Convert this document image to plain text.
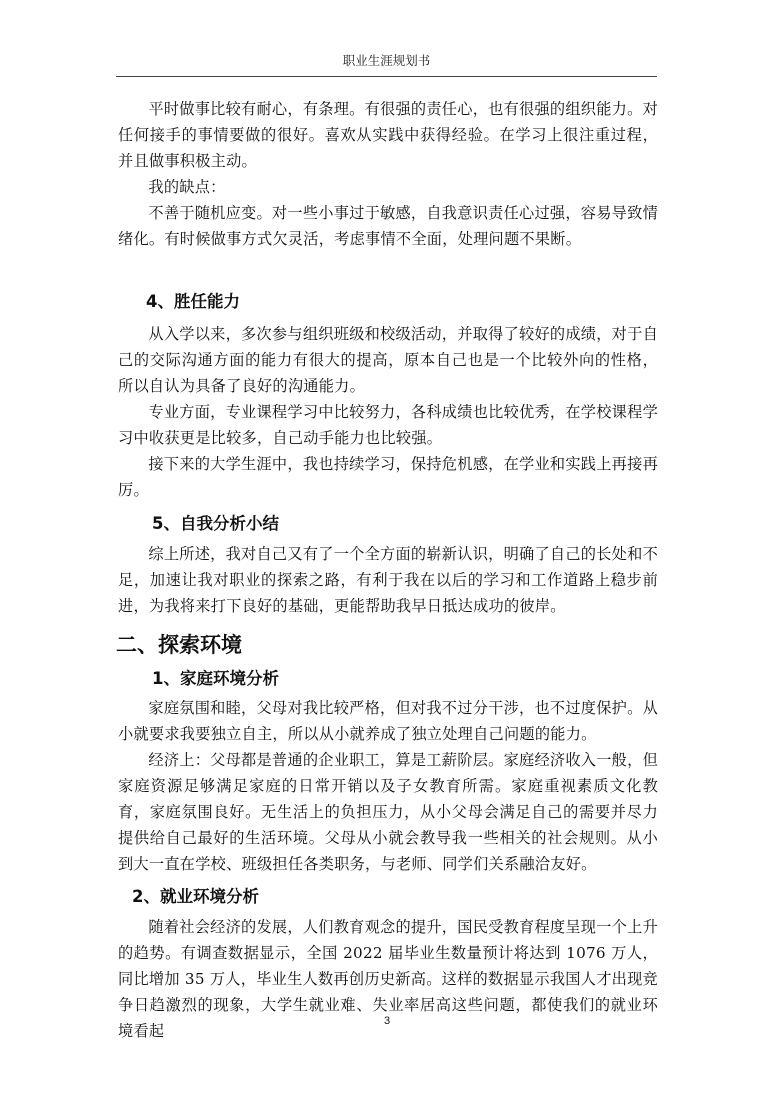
职业生涯规划书

平时做事比较有耐心，有条理。有很强的责任心，也有很强的组织能力。对任何接手的事情要做的很好。喜欢从实践中获得经验。在学习上很注重过程，并且做事积极主动。

我的缺点：

不善于随机应变。对一些小事过于敏感，自我意识责任心过强，容易导致情绪化。有时候做事方式欠灵活，考虑事情不全面，处理问题不果断。

4、胜任能力

从入学以来，多次参与组织班级和校级活动，并取得了较好的成绩，对于自己的交际沟通方面的能力有很大的提高，原本自己也是一个比较外向的性格，所以自认为具备了良好的沟通能力。

专业方面，专业课程学习中比较努力，各科成绩也比较优秀，在学校课程学习中收获更是比较多，自己动手能力也比较强。

接下来的大学生涯中，我也持续学习，保持危机感，在学业和实践上再接再厉。

5、自我分析小结

综上所述，我对自己又有了一个全方面的崭新认识，明确了自己的长处和不足，加速让我对职业的探索之路，有利于我在以后的学习和工作道路上稳步前进，为我将来打下良好的基础，更能帮助我早日抵达成功的彼岸。

二、探索环境
1、家庭环境分析

家庭氛围和睦，父母对我比较严格，但对我不过分干涉，也不过度保护。从小就要求我要独立自主，所以从小就养成了独立处理自己问题的能力。

经济上：父母都是普通的企业职工，算是工薪阶层。家庭经济收入一般，但家庭资源足够满足家庭的日常开销以及子女教育所需。家庭重视素质文化教育，家庭氛围良好。无生活上的负担压力，从小父母会满足自己的需要并尽力提供给自己最好的生活环境。父母从小就会教导我一些相关的社会规则。从小到大一直在学校、班级担任各类职务，与老师、同学们关系融洽友好。

2、就业环境分析

随着社会经济的发展，人们教育观念的提升，国民受教育程度呈现一个上升的趋势。有调查数据显示，全国 2022 届毕业生数量预计将达到 1076 万人，同比增加 35 万人，毕业生人数再创历史新高。这样的数据显示我国人才出现竞争日趋激烈的现象，大学生就业难、失业率居高这些问题，都使我们的就业环境看起

3
